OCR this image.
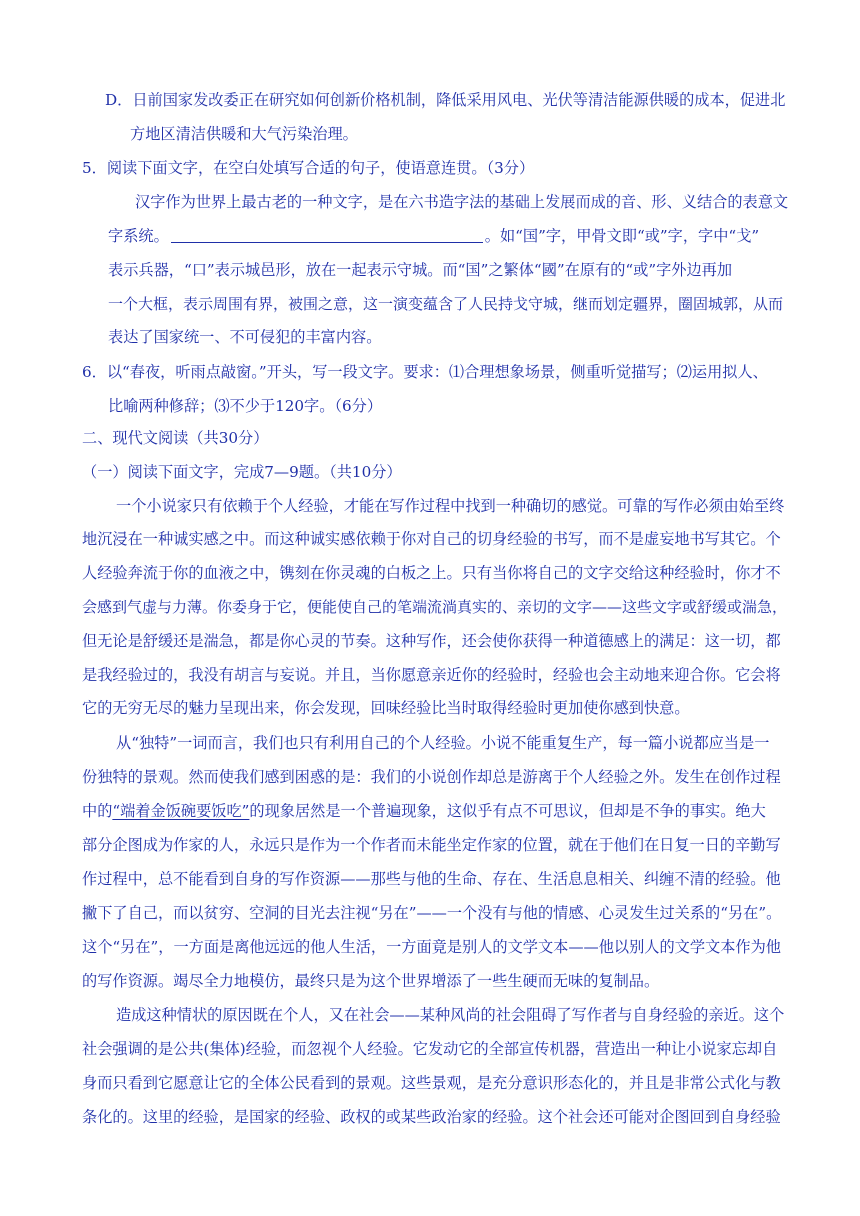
D．日前国家发改委正在研究如何创新价格机制，降低采用风电、光伏等清洁能源供暖的成本，促进北
方地区清洁供暖和大气污染治理。
5．阅读下面文字，在空白处填写合适的句子，使语意连贯。（3分）
汉字作为世界上最古老的一种文字，是在六书造字法的基础上发展而成的音、形、义结合的表意文
字系统。	。如“国”字，甲骨文即“或”字，字中“戈”
表示兵器，“口”表示城邑形，放在一起表示守城。而“国”之繁体“國”在原有的“或”字外边再加
一个大框，表示周围有界，被围之意，这一演变蕴含了人民持戈守城，继而划定疆界，圈固城郭，从而
表达了国家统一、不可侵犯的丰富内容。
6．以“春夜，听雨点敲窗。”开头，写一段文字。要求：⑴合理想象场景，侧重听觉描写；⑵运用拟人、
比喻两种修辞；⑶不少于120字。（6分）
二、现代文阅读（共30分）
（一）阅读下面文字，完成7—9题。（共10分）
一个小说家只有依赖于个人经验，才能在写作过程中找到一种确切的感觉。可靠的写作必须由始至终
地沉浸在一种诚实感之中。而这种诚实感依赖于你对自己的切身经验的书写，而不是虚妄地书写其它。个
人经验奔流于你的血液之中，镌刻在你灵魂的白板之上。只有当你将自己的文字交给这种经验时，你才不
会感到气虚与力薄。你委身于它，便能使自己的笔端流淌真实的、亲切的文字——这些文字或舒缓或湍急，
但无论是舒缓还是湍急，都是你心灵的节奏。这种写作，还会使你获得一种道德感上的满足：这一切，都
是我经验过的，我没有胡言与妄说。并且，当你愿意亲近你的经验时，经验也会主动地来迎合你。它会将
它的无穷无尽的魅力呈现出来，你会发现，回味经验比当时取得经验时更加使你感到快意。
从“独特”一词而言，我们也只有利用自己的个人经验。小说不能重复生产，每一篇小说都应当是一
份独特的景观。然而使我们感到困惑的是：我们的小说创作却总是游离于个人经验之外。发生在创作过程
中的“端着金饭碗要饭吃”的现象居然是一个普遍现象，这似乎有点不可思议，但却是不争的事实。绝大
部分企图成为作家的人，永远只是作为一个作者而未能坐定作家的位置，就在于他们在日复一日的辛勤写
作过程中，总不能看到自身的写作资源——那些与他的生命、存在、生活息息相关、纠缠不清的经验。他
撇下了自己，而以贫穷、空洞的目光去注视“另在”——一个没有与他的情感、心灵发生过关系的“另在”。
这个“另在”，一方面是离他远远的他人生活，一方面竟是别人的文学文本——他以别人的文学文本作为他
的写作资源。竭尽全力地模仿，最终只是为这个世界增添了一些生硬而无味的复制品。
造成这种情状的原因既在个人，又在社会——某种风尚的社会阻碍了写作者与自身经验的亲近。这个
社会强调的是公共(集体)经验，而忽视个人经验。它发动它的全部宣传机器，营造出一种让小说家忘却自
身而只看到它愿意让它的全体公民看到的景观。这些景观，是充分意识形态化的，并且是非常公式化与教
条化的。这里的经验，是国家的经验、政权的或某些政治家的经验。这个社会还可能对企图回到自身经验
